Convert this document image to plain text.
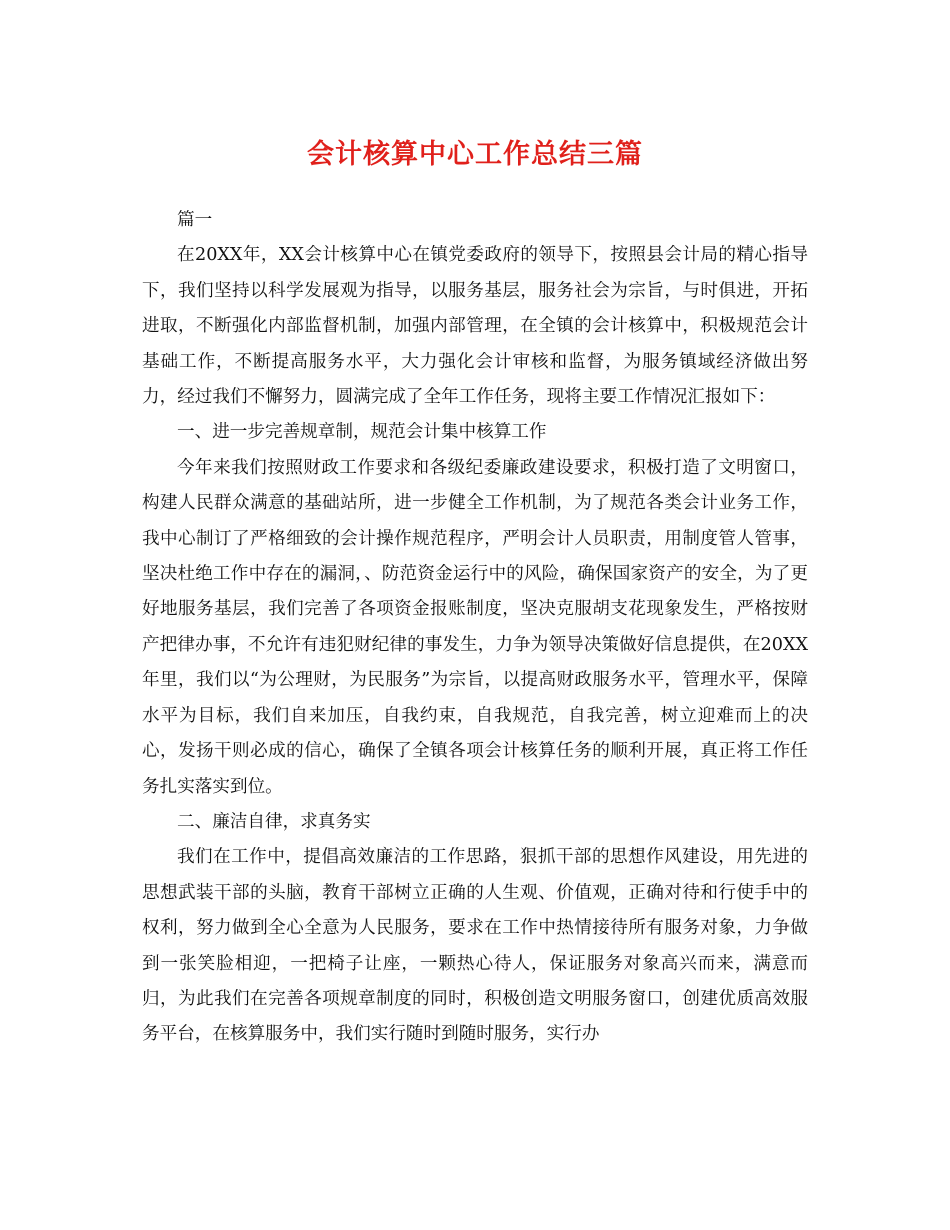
会计核算中心工作总结三篇

篇一

在20XX年，XX会计核算中心在镇党委政府的领导下，按照县会计局的精心指导下，我们坚持以科学发展观为指导，以服务基层，服务社会为宗旨，与时俱进，开拓进取，不断强化内部监督机制，加强内部管理，在全镇的会计核算中，积极规范会计基础工作，不断提高服务水平，大力强化会计审核和监督，为服务镇域经济做出努力，经过我们不懈努力，圆满完成了全年工作任务，现将主要工作情况汇报如下：

一、进一步完善规章制，规范会计集中核算工作

今年来我们按照财政工作要求和各级纪委廉政建设要求，积极打造了文明窗口，构建人民群众满意的基础站所，进一步健全工作机制，为了规范各类会计业务工作，我中心制订了严格细致的会计操作规范程序，严明会计人员职责，用制度管人管事，坚决杜绝工作中存在的漏洞，、防范资金运行中的风险，确保国家资产的安全，为了更好地服务基层，我们完善了各项资金报账制度，坚决克服胡支花现象发生，严格按财产把律办事，不允许有违犯财纪律的事发生，力争为领导决策做好信息提供，在20XX年里，我们以“为公理财，为民服务”为宗旨，以提高财政服务水平，管理水平，保障水平为目标，我们自来加压，自我约束，自我规范，自我完善，树立迎难而上的决心，发扬干则必成的信心，确保了全镇各项会计核算任务的顺利开展，真正将工作任务扎实落实到位。

二、廉洁自律，求真务实

我们在工作中，提倡高效廉洁的工作思路，狠抓干部的思想作风建设，用先进的思想武装干部的头脑，教育干部树立正确的人生观、价值观，正确对待和行使手中的权利，努力做到全心全意为人民服务，要求在工作中热情接待所有服务对象，力争做到一张笑脸相迎，一把椅子让座，一颗热心待人，保证服务对象高兴而来，满意而归，为此我们在完善各项规章制度的同时，积极创造文明服务窗口，创建优质高效服务平台，在核算服务中，我们实行随时到随时服务，实行办
